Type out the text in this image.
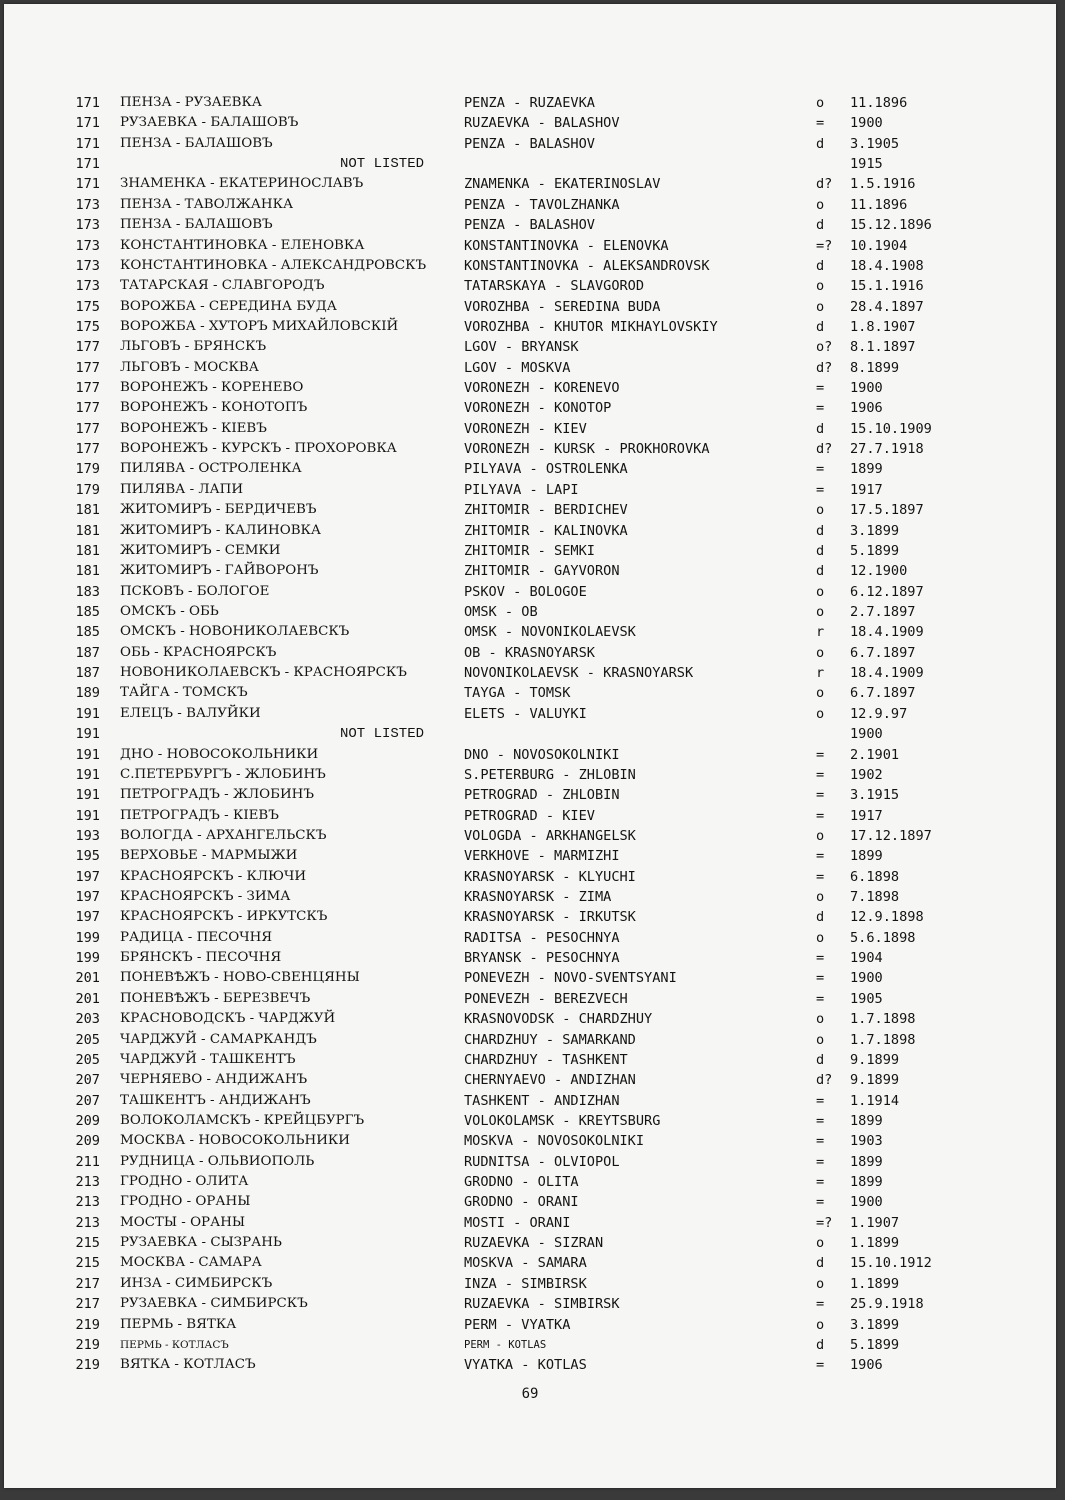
171 ПЕНЗА - РУЗАЕВКА	PENZA - RUZAEVKA	o 11.1896
171 РУЗАЕВКА - БАЛАШОВЪ	RUZAEVKA - BALASHOV	= 1900
171 ПЕНЗА - БАЛАШОВЪ	PENZA - BALASHOV	d 3.1905
171	NOT LISTED	1915
171 ЗНАМЕНКА - ЕКАТЕРИНОСЛАВЪ	ZNAMENKA - EKATERINOSLAV	d? 1.5.1916
173 ПЕНЗА - ТАВОЛЖАНКА	PENZA - TAVOLZHANKA	o 11.1896
173 ПЕНЗА - БАЛАШОВЪ	PENZA - BALASHOV	d 15.12.1896
173 КОНСТАНТИНОВКА - ЕЛЕНОВКА	KONSTANTINOVKA - ELENOVKA	=? 10.1904
173 КОНСТАНТИНОВКА - АЛЕКСАНДРОВСКЪ	KONSTANTINOVKA - ALEKSANDROVSK	d 18.4.1908
173 ТАТАРСКАЯ - СЛАВГОРОДЪ	TATARSKAYA - SLAVGOROD	o 15.1.1916
175 ВОРОЖБА - СЕРЕДИНА БУДА	VOROZHBA - SEREDINA BUDA	o 28.4.1897
175 ВОРОЖБА - ХУТОРЪ МИХАЙЛОВСКIЙ	VOROZHBA - KHUTOR MIKHAYLOVSKIY	d 1.8.1907
177 ЛЬГОВЪ - БРЯНСКЪ	LGOV - BRYANSK	o? 8.1.1897
177 ЛЬГОВЪ - МОСКВА	LGOV - MOSKVA	d? 8.1899
177 ВОРОНЕЖЪ - КОРЕНЕВО	VORONEZH - KORENEVO	= 1900
177 ВОРОНЕЖЪ - КОНОТОПЪ	VORONEZH - KONOTOP	= 1906
177 ВОРОНЕЖЪ - КIЕВЪ	VORONEZH - KIEV	d 15.10.1909
177 ВОРОНЕЖЪ - КУРСКЪ - ПРОХОРОВКА	VORONEZH - KURSK - PROKHOROVKA	d? 27.7.1918
179 ПИЛЯВА - ОСТРОЛЕНКА	PILYAVA - OSTROLENKA	= 1899
179 ПИЛЯВА - ЛАПИ	PILYAVA - LAPI	= 1917
181 ЖИТОМИРЪ - БЕРДИЧЕВЪ	ZHITOMIR - BERDICHEV	o 17.5.1897
181 ЖИТОМИРЪ - КАЛИНОВКА	ZHITOMIR - KALINOVKA	d 3.1899
181 ЖИТОМИРЪ - СЕМКИ	ZHITOMIR - SEMKI	d 5.1899
181 ЖИТОМИРЪ - ГАЙВОРОНЪ	ZHITOMIR - GAYVORON	d 12.1900
183 ПСКОВЪ - БОЛОГОЕ	PSKOV - BOLOGOE	o 6.12.1897
185 ОМСКЪ - ОБЬ	OMSK - OB	o 2.7.1897
185 ОМСКЪ - НОВОНИКОЛАЕВСКЪ	OMSK - NOVONIKOLAEVSK	r 18.4.1909
187 ОБЬ - КРАСНОЯРСКЪ	OB - KRASNOYARSK	o 6.7.1897
187 НОВОНИКОЛАЕВСКЪ - КРАСНОЯРСКЪ	NOVONIKOLAEVSK - KRASNOYARSK	r 18.4.1909
189 ТАЙГА - ТОМСКЪ	TAYGA - TOMSK	o 6.7.1897
191 ЕЛЕЦЪ - ВАЛУЙКИ	ELETS - VALUYKI	o 12.9.97
191	NOT LISTED	1900
191 ДНО - НОВОСОКОЛЬНИКИ	DNO - NOVOSOKOLNIKI	= 2.1901
191 С.ПЕТЕРБУРГЪ - ЖЛОБИНЪ	S.PETERBURG - ZHLOBIN	= 1902
191 ПЕТРОГРАДЪ - ЖЛОБИНЪ	PETROGRAD - ZHLOBIN	= 3.1915
191 ПЕТРОГРАДЪ - КIЕВЪ	PETROGRAD - KIEV	= 1917
193 ВОЛОГДА - АРХАНГЕЛЬСКЪ	VOLOGDA - ARKHANGELSK	o 17.12.1897
195 ВЕРХОВЬЕ - МАРМЫЖИ	VERKHOVE - MARMIZHI	= 1899
197 КРАСНОЯРСКЪ - КЛЮЧИ	KRASNOYARSK - KLYUCHI	= 6.1898
197 КРАСНОЯРСКЪ - ЗИМА	KRASNOYARSK - ZIMA	o 7.1898
197 КРАСНОЯРСКЪ - ИРКУТСКЪ	KRASNOYARSK - IRKUTSK	d 12.9.1898
199 РАДИЦА - ПЕСОЧНЯ	RADITSA - PESOCHNYA	o 5.6.1898
199 БРЯНСКЪ - ПЕСОЧНЯ	BRYANSK - PESOCHNYA	= 1904
201 ПОНЕВѢЖЪ - НОВО-СВЕНЦЯНЫ	PONEVEZH - NOVO-SVENTSYANI	= 1900
201 ПОНЕВѢЖЪ - БЕРЕЗВЕЧЪ	PONEVEZH - BEREZVECH	= 1905
203 КРАСНОВОДСКЪ - ЧАРДЖУЙ	KRASNOVODSK - CHARDZHUY	o 1.7.1898
205 ЧАРДЖУЙ - САМАРКАНДЪ	CHARDZHUY - SAMARKAND	o 1.7.1898
205 ЧАРДЖУЙ - ТАШКЕНТЪ	CHARDZHUY - TASHKENT	d 9.1899
207 ЧЕРНЯЕВО - АНДИЖАНЪ	CHERNYAEVO - ANDIZHAN	d? 9.1899
207 ТАШКЕНТЪ - АНДИЖАНЪ	TASHKENT - ANDIZHAN	= 1.1914
209 ВОЛОКОЛАМСКЪ - КРЕЙЦБУРГЪ	VOLOKOLAMSK - KREYTSBURG	= 1899
209 МОСКВА - НОВОСОКОЛЬНИКИ	MOSKVA - NOVOSOKOLNIKI	= 1903
211 РУДНИЦА - ОЛЬВИОПОЛЬ	RUDNITSA - OLVIOPOL	= 1899
213 ГРОДНО - ОЛИТА	GRODNO - OLITA	= 1899
213 ГРОДНО - ОРАНЫ	GRODNO - ORANI	= 1900
213 МОСТЫ - ОРАНЫ	MOSTI - ORANI	=? 1.1907
215 РУЗАЕВКА - СЫЗРАНЬ	RUZAEVKA - SIZRAN	o 1.1899
215 МОСКВА - САМАРА	MOSKVA - SAMARA	d 15.10.1912
217 ИНЗА - СИМБИРСКЪ	INZA - SIMBIRSK	o 1.1899
217 РУЗАЕВКА - СИМБИРСКЪ	RUZAEVKA - SIMBIRSK	= 25.9.1918
219 ПЕРМЬ - ВЯТКА	PERM - VYATKA	o 3.1899
219 ПЕРМЬ - КОТЛАСЪ	PERM - KOTLAS	d 5.1899
219 ВЯТКА - КОТЛАСЪ	VYATKA - KOTLAS	= 1906
69
